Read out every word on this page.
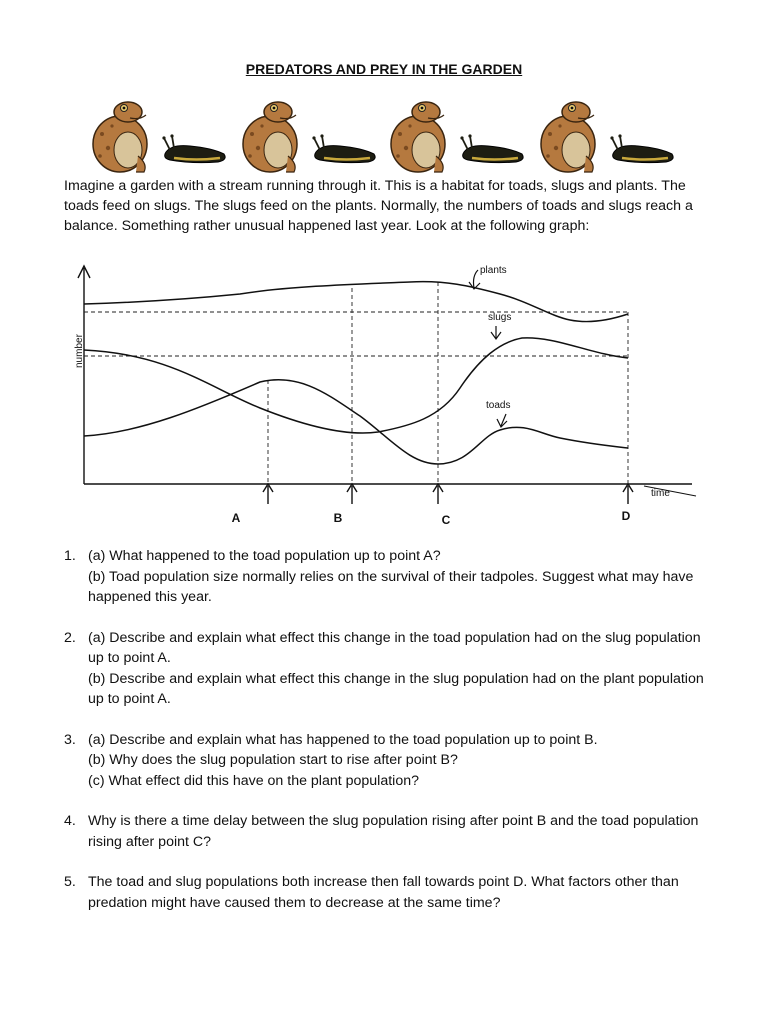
PREDATORS AND PREY IN THE GARDEN

Imagine a garden with a stream running through it. This is a habitat for toads, slugs and plants. The toads feed on slugs. The slugs feed on the plants. Normally, the numbers of toads and slugs reach a balance. Something rather unusual happened last year. Look at the following graph:

number
time
A	B	C	D
plants
slugs
toads
1. (a) What happened to the toad population up to point A?
(b) Toad population size normally relies on the survival of their tadpoles. Suggest what may have happened this year.
2. (a) Describe and explain what effect this change in the toad population had on the slug population up to point A.
(b) Describe and explain what effect this change in the slug population had on the plant population up to point A.
3. (a) Describe and explain what has happened to the toad population up to point B.
(b) Why does the slug population start to rise after point B?
(c) What effect did this have on the plant population?
4. Why is there a time delay between the slug population rising after point B and the toad population rising after point C?
5. The toad and slug populations both increase then fall towards point D. What factors other than predation might have caused them to decrease at the same time?
